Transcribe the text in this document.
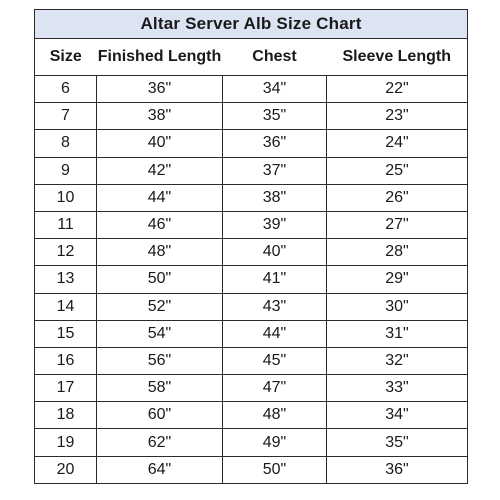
Altar Server Alb Size Chart			
Size	Finished Length	Chest	Sleeve Length
6	36"	34"	22"
7	38"	35"	23"
8	40"	36"	24"
9	42"	37"	25"
10	44"	38"	26"
11	46"	39"	27"
12	48"	40"	28"
13	50"	41"	29"
14	52"	43"	30"
15	54"	44"	31"
16	56"	45"	32"
17	58"	47"	33"
18	60"	48"	34"
19	62"	49"	35"
20	64"	50"	36"
